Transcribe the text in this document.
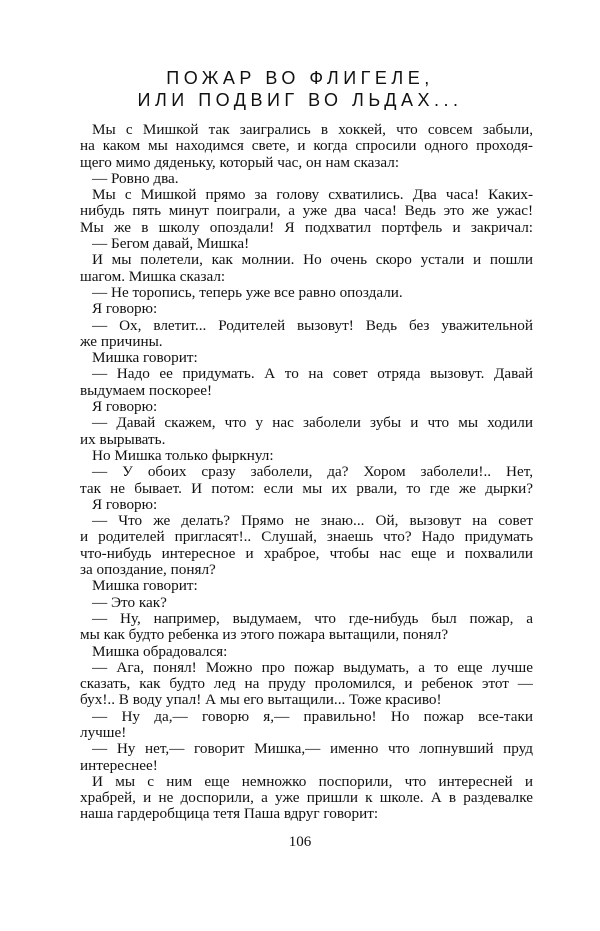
ПОЖАР ВО ФЛИГЕЛЕ,
ИЛИ ПОДВИГ ВО ЛЬДАХ...
Мы с Мишкой так заигрались в хоккей, что совсем забыли,
на каком мы находимся свете, и когда спросили одного проходя-
щего мимо дяденьку, который час, он нам сказал:
— Ровно два.
Мы с Мишкой прямо за голову схватились. Два часа! Каких-
нибудь пять минут поиграли, а уже два часа! Ведь это же ужас!
Мы же в школу опоздали! Я подхватил портфель и закричал:
— Бегом давай, Мишка!
И мы полетели, как молнии. Но очень скоро устали и пошли
шагом. Мишка сказал:
— Не торопись, теперь уже все равно опоздали.
Я говорю:
— Ох, влетит... Родителей вызовут! Ведь без уважительной
же причины.
Мишка говорит:
— Надо ее придумать. А то на совет отряда вызовут. Давай
выдумаем поскорее!
Я говорю:
— Давай скажем, что у нас заболели зубы и что мы ходили
их вырывать.
Но Мишка только фыркнул:
— У обоих сразу заболели, да? Хором заболели!.. Нет,
так не бывает. И потом: если мы их рвали, то где же дырки?
Я говорю:
— Что же делать? Прямо не знаю... Ой, вызовут на совет
и родителей пригласят!.. Слушай, знаешь что? Надо придумать
что-нибудь интересное и храброе, чтобы нас еще и похвалили
за опоздание, понял?
Мишка говорит:
— Это как?
— Ну, например, выдумаем, что где-нибудь был пожар, а
мы как будто ребенка из этого пожара вытащили, понял?
Мишка обрадовался:
— Ага, понял! Можно про пожар выдумать, а то еще лучше
сказать, как будто лед на пруду проломился, и ребенок этот —
бух!.. В воду упал! А мы его вытащили... Тоже красиво!
— Ну да,— говорю я,— правильно! Но пожар все-таки
лучше!
— Ну нет,— говорит Мишка,— именно что лопнувший пруд
интереснее!
И мы с ним еще немножко поспорили, что интересней и
храбрей, и не доспорили, а уже пришли к школе. А в раздевалке
наша гардеробщица тетя Паша вдруг говорит:
106
